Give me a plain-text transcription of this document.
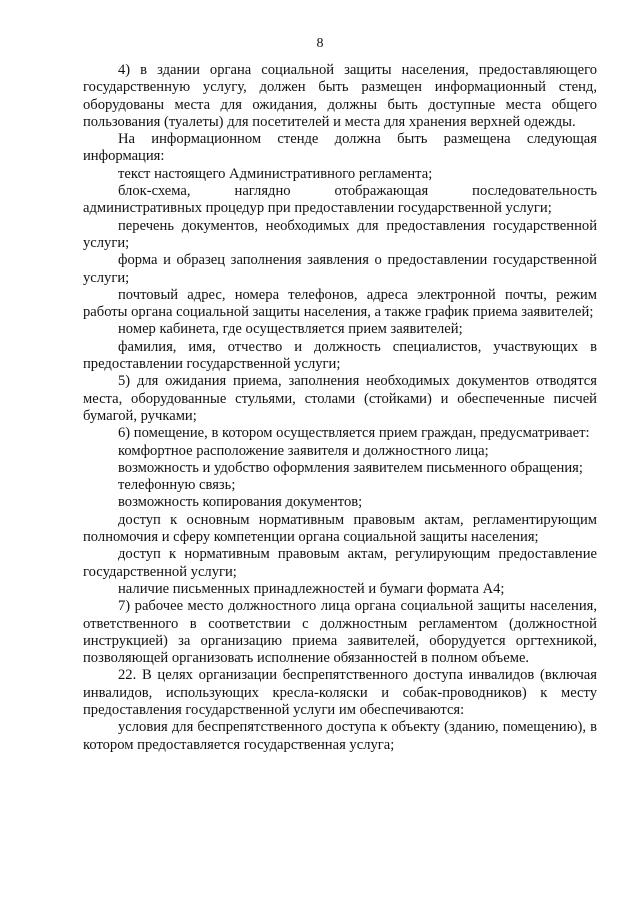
8

4) в здании органа социальной защиты населения, предоставляющего государственную услугу, должен быть размещен информационный стенд, оборудованы места для ожидания, должны быть доступные места общего пользования (туалеты) для посетителей и места для хранения верхней одежды.

На информационном стенде должна быть размещена следующая информация:

текст настоящего Административного регламента;

блок-схема, наглядно отображающая последовательность административных процедур при предоставлении государственной услуги;

перечень документов, необходимых для предоставления государственной услуги;

форма и образец заполнения заявления о предоставлении государственной услуги;

почтовый адрес, номера телефонов, адреса электронной почты, режим работы органа социальной защиты населения, а также график приема заявителей;

номер кабинета, где осуществляется прием заявителей;

фамилия, имя, отчество и должность специалистов, участвующих в предоставлении государственной услуги;

5) для ожидания приема, заполнения необходимых документов отводятся места, оборудованные стульями, столами (стойками) и обеспеченные писчей бумагой, ручками;

6) помещение, в котором осуществляется прием граждан, предусматривает:

комфортное расположение заявителя и должностного лица;

возможность и удобство оформления заявителем письменного обращения;

телефонную связь;

возможность копирования документов;

доступ к основным нормативным правовым актам, регламентирующим полномочия и сферу компетенции органа социальной защиты населения;

доступ к нормативным правовым актам, регулирующим предоставление государственной услуги;

наличие письменных принадлежностей и бумаги формата А4;

7) рабочее место должностного лица органа социальной защиты населения, ответственного в соответствии с должностным регламентом (должностной инструкцией) за организацию приема заявителей, оборудуется оргтехникой, позволяющей организовать исполнение обязанностей в полном объеме.

22. В целях организации беспрепятственного доступа инвалидов (включая инвалидов, использующих кресла-коляски и собак-проводников) к месту предоставления государственной услуги им обеспечиваются:

условия для беспрепятственного доступа к объекту (зданию, помещению), в котором предоставляется государственная услуга;
